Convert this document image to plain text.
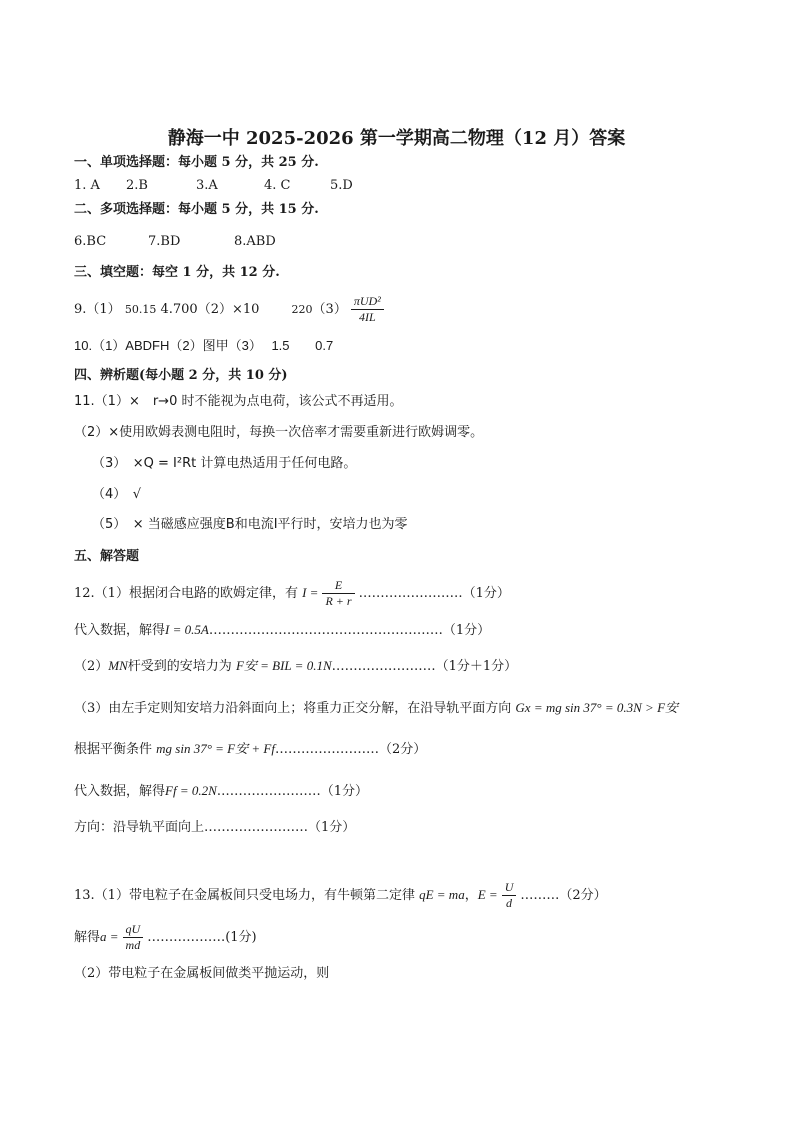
静海一中 2025-2026 第一学期高二物理（12 月）答案
一、单项选择题：每小题 5 分，共 25 分.
1. A 2.B	3.A	4. C	5.D
二、多项选择题：每小题 5 分，共 15 分.
6.BC	7.BD	8.ABD
三、填空题：每空 1 分，共 12 分.
9.（1） 50.15 4.700（2）×10	$220(3) \frac{\text{πUD²}}{4IL}$
10.（1）ABDFH（2）图甲（3） 1.5 0.7
四、辨析题(每小题 2 分，共 10 分)
11.（1）×　r→0 时不能视为点电荷，该公式不再适用。
（2）×使用欧姆表测电阻时，每换一次倍率才需要重新进行欧姆调零。
（3）　×Q = I²Rt 计算电热适用于任何电路。
（4）　√
（5）　× 当磁感应强度B和电流I平行时，安培力也为零
五、解答题
12.（1）根据闭合电路的欧姆定律，有 $I = \frac{E}{R + r}$ ……………………（1分）
代入数据，解得I = 0.5A………………………………………………（1分）
（2）MN杆受到的安培力为 F安 = BIL = 0.1N……………………（1分＋1分）
（3）由左手定则知安培力沿斜面向上；将重力正交分解，在沿导轨平面方向 Gx = mg sin 37° = 0.3N > F安
根据平衡条件 mg sin 37° = F安 + Ff……………………（2分）
代入数据，解得Ff = 0.2N……………………（1分）
方向：沿导轨平面向上……………………（1分）
13.（1）带电粒子在金属板间只受电场力，有牛顿第二定律 qE = ma，$E = \frac{U}{d}$ ………（2分）
解得$a = \frac{qU}{md}$ ………………(1分)
（2）带电粒子在金属板间做类平抛运动，则
